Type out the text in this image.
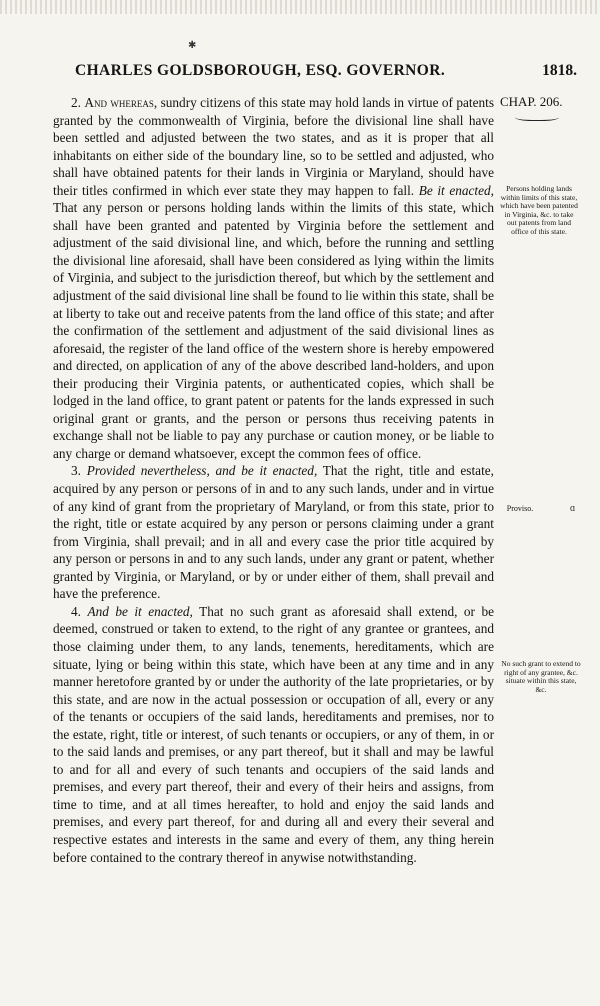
✱
CHARLES GOLDSBOROUGH, ESQ. GOVERNOR.	1818.
CHAP. 206.
Persons holding lands within limits of this state, which have been patented in Virginia, &c. to take out patents from land office of this state.
Proviso.	ɑ
No such grant to extend to right of any grantee, &c. situate within this state, &c.

2. And whereas, sundry citizens of this state may hold lands in virtue of patents granted by the commonwealth of Virginia, before the divisional line shall have been settled and adjusted between the two states, and as it is proper that all inhabitants on either side of the boundary line, so to be settled and adjusted, who shall have obtained patents for their lands in Virginia or Maryland, should have their titles confirmed in which ever state they may happen to fall. Be it enacted, That any person or persons holding lands within the limits of this state, which shall have been granted and patented by Virginia before the settlement and adjustment of the said divisional line, and which, before the running and settling the divisional line aforesaid, shall have been considered as lying within the limits of Virginia, and subject to the jurisdiction thereof, but which by the settlement and adjustment of the said divisional line shall be found to lie within this state, shall be at liberty to take out and receive patents from the land office of this state; and after the confirmation of the settlement and adjustment of the said divisional lines as aforesaid, the register of the land office of the western shore is hereby empowered and directed, on application of any of the above described land-holders, and upon their producing their Virginia patents, or authenticated copies, which shall be lodged in the land office, to grant patent or patents for the lands expressed in such original grant or grants, and the person or persons thus receiving patents in exchange shall not be liable to pay any purchase or caution money, or be liable to any charge or demand whatsoever, except the common fees of office.

3. Provided nevertheless, and be it enacted, That the right, title and estate, acquired by any person or persons of in and to any such lands, under and in virtue of any kind of grant from the proprietary of Maryland, or from this state, prior to the right, title or estate acquired by any person or persons claiming under a grant from Virginia, shall prevail; and in all and every case the prior title acquired by any person or persons in and to any such lands, under any grant or patent, whether granted by Virginia, or Maryland, or by or under either of them, shall prevail and have the preference.

4. And be it enacted, That no such grant as aforesaid shall extend, or be deemed, construed or taken to extend, to the right of any grantee or grantees, and those claiming under them, to any lands, tenements, hereditaments, which are situate, lying or being within this state, which have been at any time and in any manner heretofore granted by or under the authority of the late proprietaries, or by this state, and are now in the actual possession or occupation of all, every or any of the tenants or occupiers of the said lands, hereditaments and premises, nor to the estate, right, title or interest, of such tenants or occupiers, or any of them, in or to the said lands and premises, or any part thereof, but it shall and may be lawful to and for all and every of such tenants and occupiers of the said lands and premises, and every part thereof, their and every of their heirs and assigns, from time to time, and at all times hereafter, to hold and enjoy the said lands and premises, and every part thereof, for and during all and every their several and respective estates and interests in the same and every of them, any thing herein before contained to the contrary thereof in anywise notwithstanding.
